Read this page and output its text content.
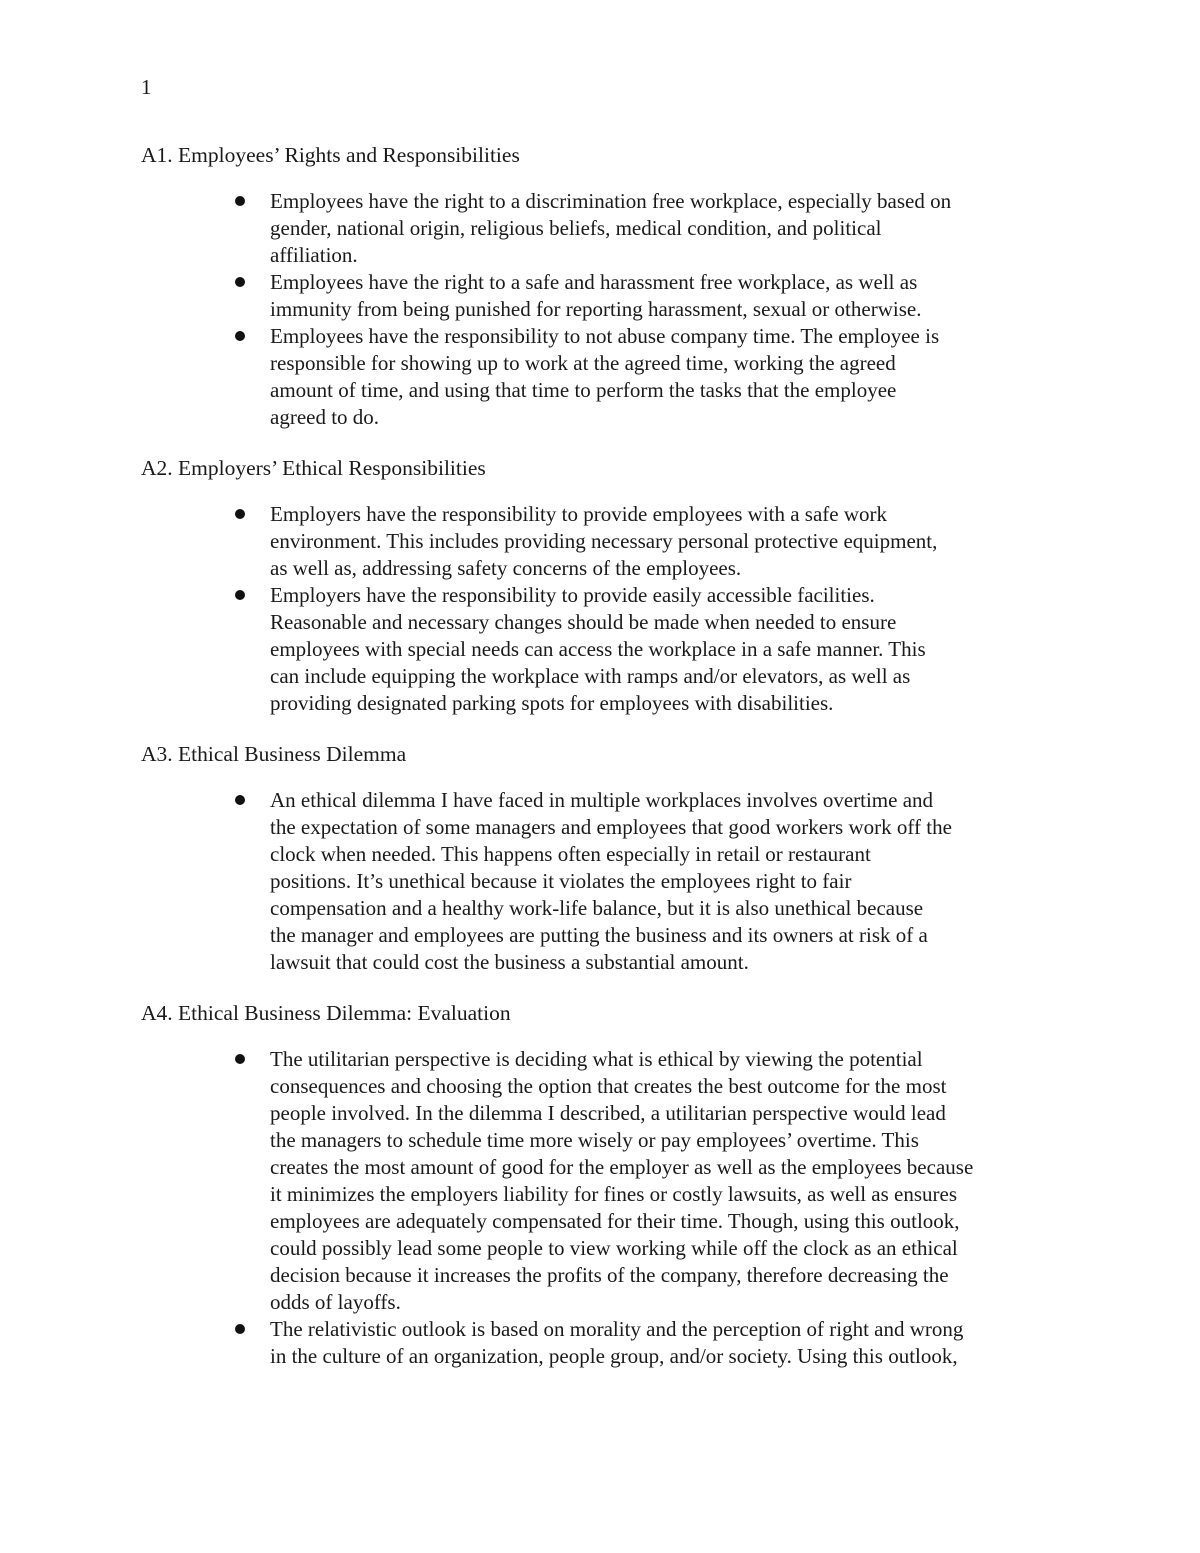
1
A1. Employees’ Rights and Responsibilities
Employees have the right to a discrimination free workplace, especially based on
gender, national origin, religious beliefs, medical condition, and political
affiliation.
Employees have the right to a safe and harassment free workplace, as well as
immunity from being punished for reporting harassment, sexual or otherwise.
Employees have the responsibility to not abuse company time. The employee is
responsible for showing up to work at the agreed time, working the agreed
amount of time, and using that time to perform the tasks that the employee
agreed to do.
A2. Employers’ Ethical Responsibilities
Employers have the responsibility to provide employees with a safe work
environment. This includes providing necessary personal protective equipment,
as well as, addressing safety concerns of the employees.
Employers have the responsibility to provide easily accessible facilities.
Reasonable and necessary changes should be made when needed to ensure
employees with special needs can access the workplace in a safe manner. This
can include equipping the workplace with ramps and/or elevators, as well as
providing designated parking spots for employees with disabilities.
A3. Ethical Business Dilemma
An ethical dilemma I have faced in multiple workplaces involves overtime and
the expectation of some managers and employees that good workers work off the
clock when needed. This happens often especially in retail or restaurant
positions. It’s unethical because it violates the employees right to fair
compensation and a healthy work-life balance, but it is also unethical because
the manager and employees are putting the business and its owners at risk of a
lawsuit that could cost the business a substantial amount.
A4. Ethical Business Dilemma: Evaluation
The utilitarian perspective is deciding what is ethical by viewing the potential
consequences and choosing the option that creates the best outcome for the most
people involved. In the dilemma I described, a utilitarian perspective would lead
the managers to schedule time more wisely or pay employees’ overtime. This
creates the most amount of good for the employer as well as the employees because
it minimizes the employers liability for fines or costly lawsuits, as well as ensures
employees are adequately compensated for their time. Though, using this outlook,
could possibly lead some people to view working while off the clock as an ethical
decision because it increases the profits of the company, therefore decreasing the
odds of layoffs.
The relativistic outlook is based on morality and the perception of right and wrong
in the culture of an organization, people group, and/or society. Using this outlook,
